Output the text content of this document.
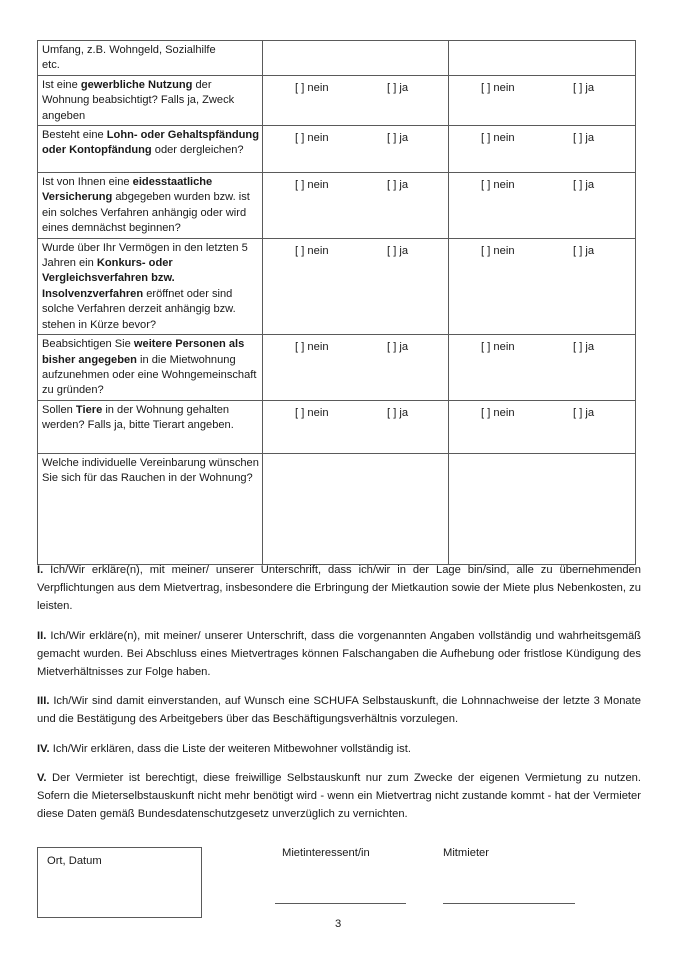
Umfang, z.B. Wohngeld, Sozialhilfe
etc.		
Ist eine gewerbliche Nutzung der Wohnung beabsichtigt? Falls ja, Zweck angeben	[ ] nein [ ] ja	[ ] nein [ ] ja

Besteht eine Lohn- oder Gehaltspfändung oder Kontopfändung oder dergleichen?	[ ] nein [ ] ja	[ ] nein [ ] ja

Ist von Ihnen eine eidesstaatliche Versicherung abgegeben wurden bzw. ist ein solches Verfahren anhängig oder wird eines demnächst beginnen?	[ ] nein [ ] ja	[ ] nein [ ] ja

Wurde über Ihr Vermögen in den letzten 5 Jahren ein Konkurs- oder Vergleichsverfahren bzw. Insolvenzverfahren eröffnet oder sind solche Verfahren derzeit anhängig bzw. stehen in Kürze bevor?	[ ] nein [ ] ja	[ ] nein [ ] ja

Beabsichtigen Sie weitere Personen als bisher angegeben in die Mietwohnung aufzunehmen oder eine Wohngemeinschaft zu gründen?	[ ] nein [ ] ja	[ ] nein [ ] ja

Sollen Tiere in der Wohnung gehalten werden? Falls ja, bitte Tierart angeben.	[ ] nein [ ] ja	[ ] nein [ ] ja

Welche individuelle Vereinbarung wünschen Sie sich für das Rauchen in der Wohnung?		

I. Ich/Wir erkläre(n), mit meiner/ unserer Unterschrift, dass ich/wir in der Lage bin/sind, alle zu übernehmenden Verpflichtungen aus dem Mietvertrag, insbesondere die Erbringung der Mietkaution sowie der Miete plus Nebenkosten, zu leisten.

II. Ich/Wir erkläre(n), mit meiner/ unserer Unterschrift, dass die vorgenannten Angaben vollständig und wahrheitsgemäß gemacht wurden. Bei Abschluss eines Mietvertrages können Falschangaben die Aufhebung oder fristlose Kündigung des Mietverhältnisses zur Folge haben.

III. Ich/Wir sind damit einverstanden, auf Wunsch eine SCHUFA Selbstauskunft, die Lohnnachweise der letzte 3 Monate und die Bestätigung des Arbeitgebers über das Beschäftigungsverhältnis vorzulegen.

IV. Ich/Wir erklären, dass die Liste der weiteren Mitbewohner vollständig ist.

V. Der Vermieter ist berechtigt, diese freiwillige Selbstauskunft nur zum Zwecke der eigenen Vermietung zu nutzen. Sofern die Mieterselbstauskunft nicht mehr benötigt wird - wenn ein Mietvertrag nicht zustande kommt - hat der Vermieter diese Daten gemäß Bundesdatenschutzgesetz unverzüglich zu vernichten.

Ort, Datum
Mietinteressent/in	Mitmieter
3
